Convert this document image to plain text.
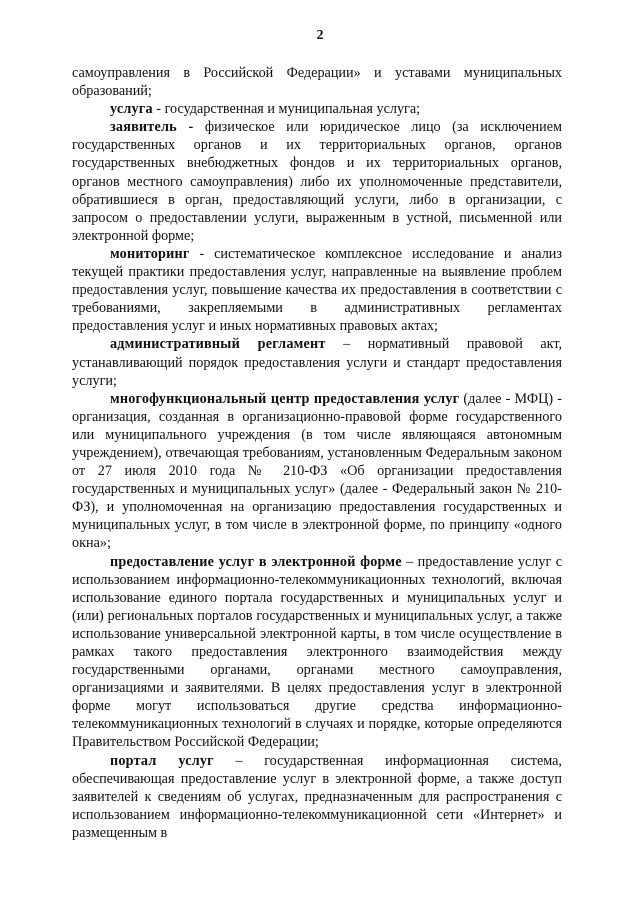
2

самоуправления в Российской Федерации» и уставами муниципальных образований;

услуга - государственная и муниципальная услуга;

заявитель - физическое или юридическое лицо (за исключением государственных органов и их территориальных органов, органов государственных внебюджетных фондов и их территориальных органов, органов местного самоуправления) либо их уполномоченные представители, обратившиеся в орган, предоставляющий услуги, либо в организации, с запросом о предоставлении услуги, выраженным в устной, письменной или электронной форме;

мониторинг - систематическое комплексное исследование и анализ текущей практики предоставления услуг, направленные на выявление проблем предоставления услуг, повышение качества их предоставления в соответствии с требованиями, закрепляемыми в административных регламентах предоставления услуг и иных нормативных правовых актах;

административный регламент – нормативный правовой акт, устанавливающий порядок предоставления услуги и стандарт предоставления услуги;

многофункциональный центр предоставления услуг (далее - МФЦ) - организация, созданная в организационно-правовой форме государственного или муниципального учреждения (в том числе являющаяся автономным учреждением), отвечающая требованиям, установленным Федеральным законом от 27 июля 2010 года № 210-ФЗ «Об организации предоставления государственных и муниципальных услуг» (далее - Федеральный закон № 210-ФЗ), и уполномоченная на организацию предоставления государственных и муниципальных услуг, в том числе в электронной форме, по принципу «одного окна»;

предоставление услуг в электронной форме – предоставление услуг с использованием информационно-телекоммуникационных технологий, включая использование единого портала государственных и муниципальных услуг и (или) региональных порталов государственных и муниципальных услуг, а также использование универсальной электронной карты, в том числе осуществление в рамках такого предоставления электронного взаимодействия между государственными органами, органами местного самоуправления, организациями и заявителями. В целях предоставления услуг в электронной форме могут использоваться другие средства информационно-телекоммуникационных технологий в случаях и порядке, которые определяются Правительством Российской Федерации;

портал услуг – государственная информационная система, обеспечивающая предоставление услуг в электронной форме, а также доступ заявителей к сведениям об услугах, предназначенным для распространения с использованием информационно-телекоммуникационной сети «Интернет» и размещенным в
